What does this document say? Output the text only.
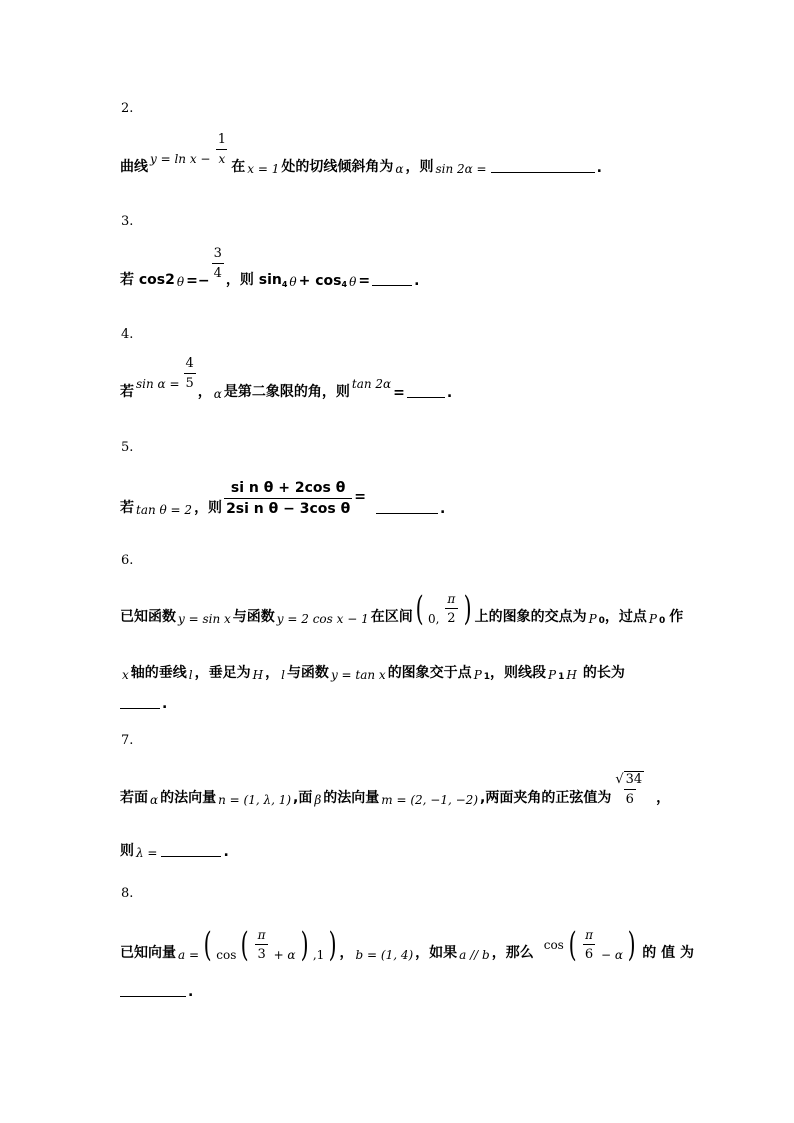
2.
曲线 $y = \ln x - \frac{1}{x}$
在 x = 1 处的切线倾斜角为 α ，则 sin 2α =	.
3.
若 cos2 $\theta =- \frac{3}{4}$ ，则 sin 4 θ + cos 4 θ =	.
4.
若 $\sin \alpha = \frac{4}{5}$
， α 是第二象限的角，则 tan 2α
=	.
5.
若 tan θ = 2 ，则 $\frac{\text{si n θ + 2cos θ}}{\text{2si n θ − 3cos θ}}$ =
.
6.
已知函数 y = sin x 与函数 y = 2 cos x − 1 在区间 ( 0, $\frac{\pi}{2}$ ) 上的图象的交点为 P 0 ，过点 P 0 作
x 轴的垂线 l ，垂足为 H ， l 与函数 y = tan x 的图象交于点 P 1 ，则线段 P 1 H 的长为
.
7.
若面 α 的法向量 n = (1, λ, 1) ,面 β 的法向量 m = (2, −1, −2) ,两面夹角的正弦值为 $\frac{√ 34}{6}$ ，
则 λ =	.
8.
已知向量 a = ( cos ( $\frac{\pi}{3} + \alpha$ ) ,1 ) ， b = (1, 4) ，如果 a // b ，那么 cos ( $\frac{\pi}{6} - \alpha$ ) 的 值 为
.
